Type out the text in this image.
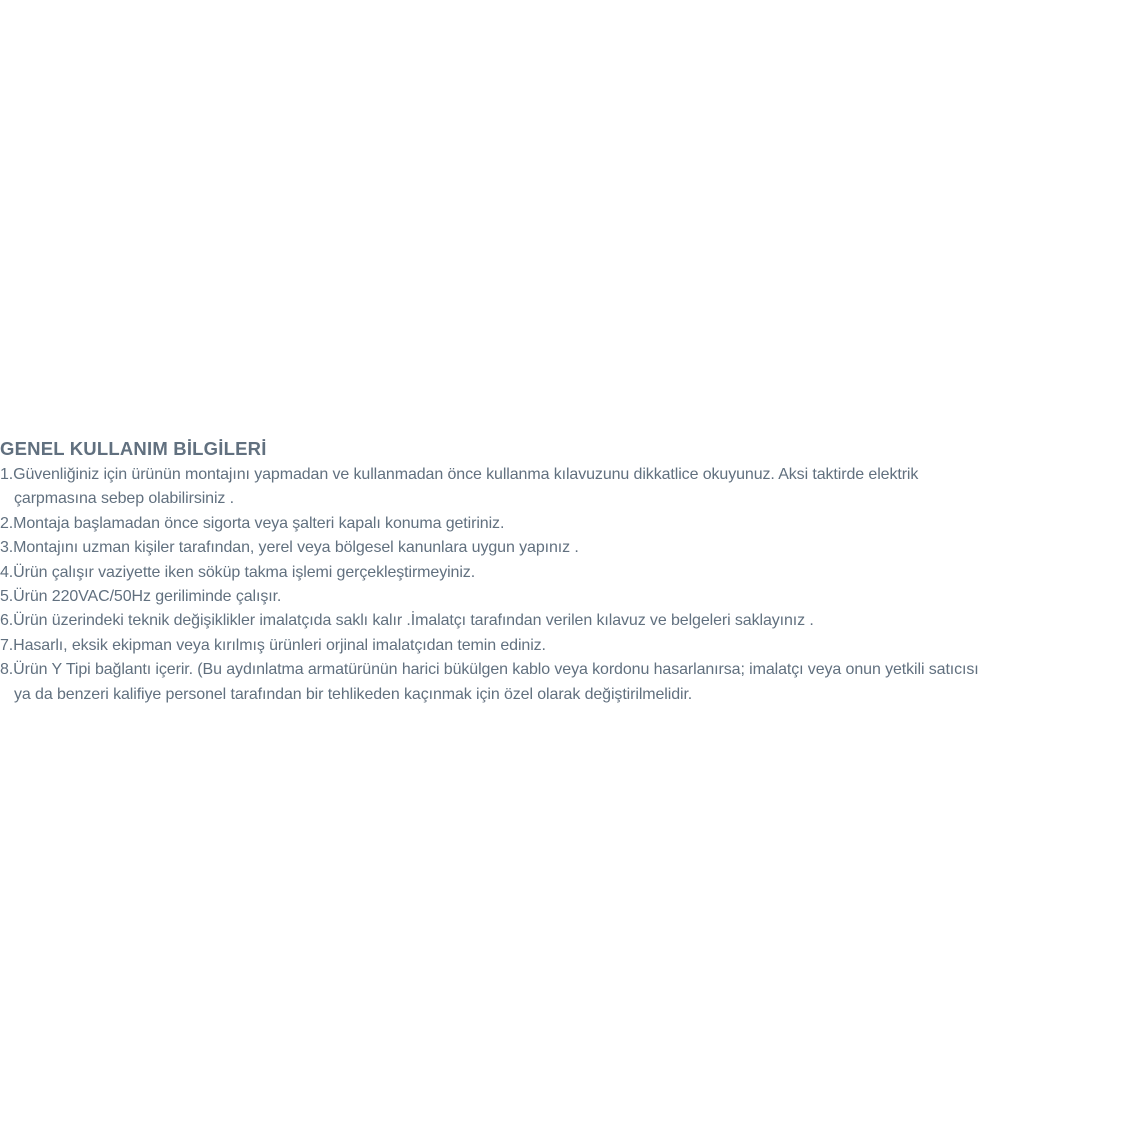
GENEL KULLANIM BİLGİLERİ
1.Güvenliğiniz için ürünün montajını yapmadan ve kullanmadan önce kullanma kılavuzunu dikkatlice okuyunuz. Aksi taktirde elektrik
çarpmasına sebep olabilirsiniz .
2.Montaja başlamadan önce sigorta veya şalteri kapalı konuma getiriniz.
3.Montajını uzman kişiler tarafından, yerel veya bölgesel kanunlara uygun yapınız .
4.Ürün çalışır vaziyette iken söküp takma işlemi gerçekleştirmeyiniz.
5.Ürün 220VAC/50Hz geriliminde çalışır.
6.Ürün üzerindeki teknik değişiklikler imalatçıda saklı kalır .İmalatçı tarafından verilen kılavuz ve belgeleri saklayınız .
7.Hasarlı, eksik ekipman veya kırılmış ürünleri orjinal imalatçıdan temin ediniz.
8.Ürün Y Tipi bağlantı içerir. (Bu aydınlatma armatürünün harici bükülgen kablo veya kordonu hasarlanırsa; imalatçı veya onun yetkili satıcısı
ya da benzeri kalifiye personel tarafından bir tehlikeden kaçınmak için özel olarak değiştirilmelidir.
